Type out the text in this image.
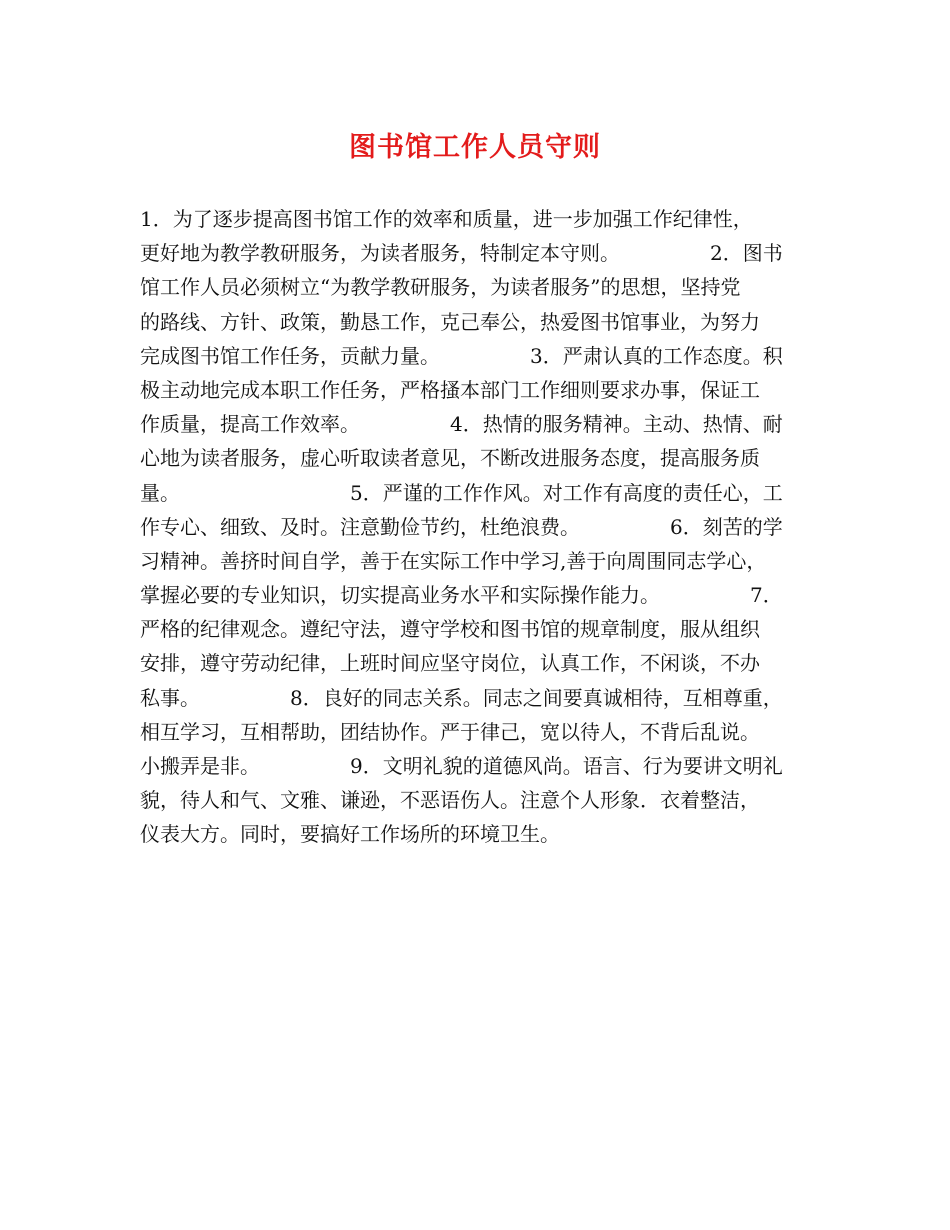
图书馆工作人员守则
1．为了逐步提高图书馆工作的效率和质量，进一步加强工作纪律性，
更好地为教学教研服务，为读者服务，特制定本守则。　　　　　2．图书
馆工作人员必须树立“为教学教研服务，为读者服务”的思想，坚持党
的路线、方针、政策，勤恳工作，克己奉公，热爱图书馆事业，为努力
完成图书馆工作任务，贡献力量。　　　　　3．严肃认真的工作态度。积
极主动地完成本职工作任务，严格搔本部门工作细则要求办事，保证工
作质量，提高工作效率。　　　　　4．热情的服务精神。主动、热情、耐
心地为读者服务，虚心听取读者意见，不断改进服务态度，提高服务质
量。　　　　　　　　　5．严谨的工作作风。对工作有高度的责任心，工
作专心、细致、及时。注意勤俭节约，杜绝浪费。　　　　　6．刻苦的学
习精神。善挤时间自学，善于在实际工作中学习,善于向周围同志学心，
掌握必要的专业知识，切实提高业务水平和实际操作能力。　　　　　7．
严格的纪律观念。遵纪守法，遵守学校和图书馆的规章制度，服从组织
安排，遵守劳动纪律，上班时间应坚守岗位，认真工作，不闲谈，不办
私事。　　　　　8．良好的同志关系。同志之间要真诚相待，互相尊重，
相互学习，互相帮助，团结协作。严于律己，宽以待人，不背后乱说。
小搬弄是非。　　　　　9．文明礼貌的道德风尚。语言、行为要讲文明礼
貌，待人和气、文雅、谦逊，不恶语伤人。注意个人形象．衣着整洁，
仪表大方。同时，要搞好工作场所的环境卫生。
